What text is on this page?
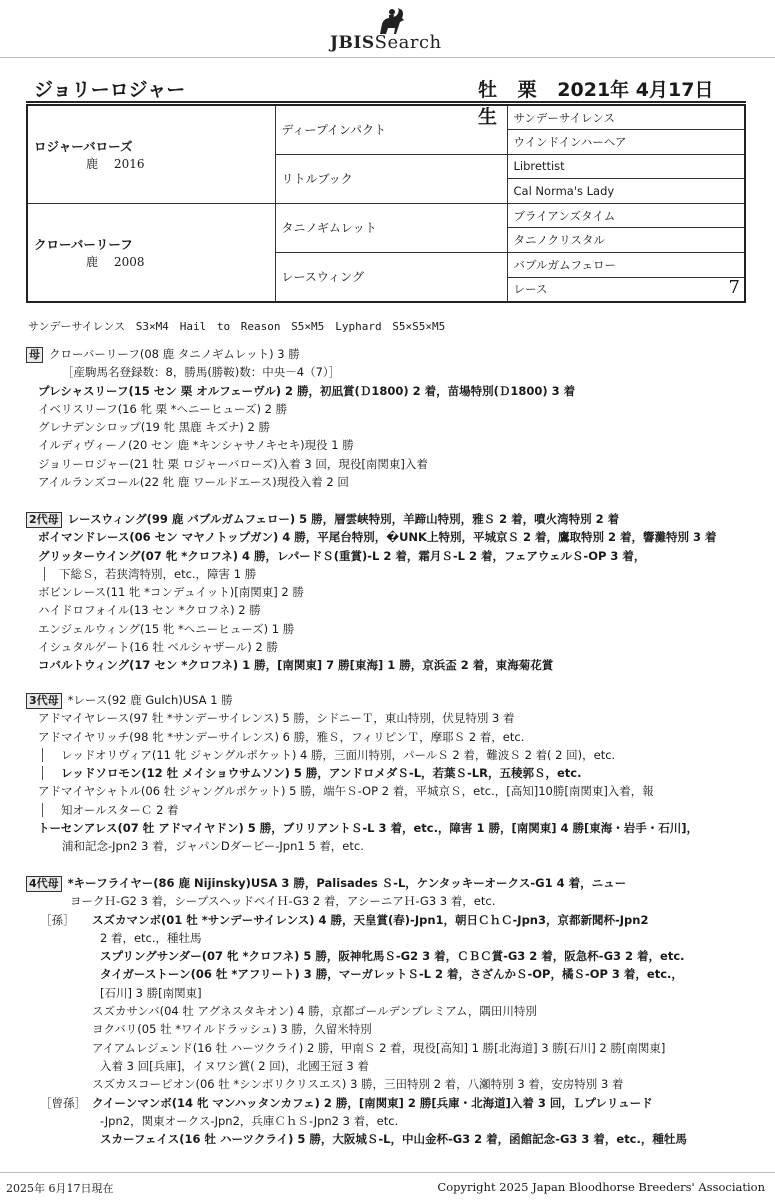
JBISSearch
ジョリーロジャー	牡 栗 2021年 4月17日生
ロジャーバローズ
鹿 2016	ディープインパクト	サンデーサイレンス
		ウインドインハーヘア
	リトルブック	Librettist
		Cal Norma's Lady

クローバーリーフ
鹿 2008	タニノギムレット	ブライアンズタイム
		タニノクリスタル
	レースウィング	バブルガムフェロー

		レース 7
サンデーサイレンス S3×M4　Hail to Reason S5×M5　Lyphard S5×S5×M5
母 クローバーリーフ(08 鹿 タニノギムレット) 3 勝
［産駒馬名登録数：8，勝馬(勝鞍)数：中央－4（7）］
プレシャスリーフ(15 セン 栗 オルフェーヴル) 2 勝，初凪賞(Ｄ1800) 2 着，苗場特別(Ｄ1800) 3 着
イベリスリーフ(16 牝 栗 *ヘニーヒューズ) 2 勝
グレナデンシロップ(19 牝 黒鹿 キズナ) 2 勝
イルディヴィーノ(20 セン 鹿 *キンシャサノキセキ)現役 1 勝
ジョリーロジャー(21 牡 栗 ロジャーバローズ)入着 3 回，現役[南関東]入着
アイルランズコール(22 牝 鹿 ワールドエース)現役入着 2 回
2代母 レースウィング(99 鹿 バブルガムフェロー) 5 勝，層雲峡特別，羊蹄山特別，雅Ｓ 2 着，噴火湾特別 2 着
ボイマンドレース(06 セン マヤノトップガン) 4 勝，平尾台特別，�UNK上特別，平城京Ｓ 2 着，鷹取特別 2 着，響灘特別 3 着
グリッターウイング(07 牝 *クロフネ) 4 勝，レパードＳ(重賞)-L 2 着，霜月Ｓ-L 2 着，フェアウェルＳ-OP 3 着，
下総Ｓ，若狭湾特別，etc.，障害 1 勝
ボビンレース(11 牝 *コンデュイット)[南関東] 2 勝
ハイドロフォイル(13 セン *クロフネ) 2 勝
エンジェルウィング(15 牝 *ヘニーヒューズ) 1 勝
イシュタルゲート(16 牡 ベルシャザール) 2 勝
コバルトウィング(17 セン *クロフネ) 1 勝，[南関東] 7 勝[東海] 1 勝，京浜盃 2 着，東海菊花賞
3代母 *レース(92 鹿 Gulch)USA 1 勝
アドマイヤレース(97 牡 *サンデーサイレンス) 5 勝，シドニーＴ，東山特別，伏見特別 3 着
アドマイヤリッチ(98 牝 *サンデーサイレンス) 6 勝，雅Ｓ，フィリピンＴ，摩耶Ｓ 2 着，etc.
レッドオリヴィア(11 牝 ジャングルポケット) 4 勝，三面川特別，パールＳ 2 着，難波Ｓ 2 着( 2 回)，etc.
レッドソロモン(12 牡 メイショウサムソン) 5 勝，アンドロメダＳ-L，若葉Ｓ-LR，五稜郭Ｓ，etc.
アドマイヤシャトル(06 牡 ジャングルポケット) 5 勝，端午Ｓ-OP 2 着，平城京Ｓ，etc.，[高知]10勝[南関東]入着，報
知オールスターＣ 2 着
トーセンアレス(07 牡 アドマイヤドン) 5 勝，ブリリアントＳ-L 3 着，etc.，障害 1 勝，[南関東] 4 勝[東海・岩手・石川]，
浦和記念-Jpn2 3 着，ジャパンDダービー-Jpn1 5 着，etc.
4代母 *キーフライヤー(86 鹿 Nijinsky)USA 3 勝，Palisades Ｓ-L，ケンタッキーオークス-G1 4 着，ニュー
ヨークＨ-G2 3 着，シープスヘッドベイＨ-G3 2 着，アシーニアＨ-G3 3 着，etc.
［孫］ スズカマンボ(01 牡 *サンデーサイレンス) 4 勝，天皇賞(春)-Jpn1，朝日ＣｈＣ-Jpn3，京都新聞杯-Jpn2
2 着，etc.，種牡馬
スプリングサンダー(07 牝 *クロフネ) 5 勝，阪神牝馬Ｓ-G2 3 着，ＣＢＣ賞-G3 2 着，阪急杯-G3 2 着，etc.
タイガーストーン(06 牡 *アフリート) 3 勝，マーガレットＳ-L 2 着，さざんかＳ-OP，橘Ｓ-OP 3 着，etc.，
[石川] 3 勝[南関東]
スズカサンバ(04 牡 アグネスタキオン) 4 勝，京都ゴールデンプレミアム，隅田川特別
ヨクバリ(05 牡 *ワイルドラッシュ) 3 勝，久留米特別
アイアムレジェンド(16 牡 ハーツクライ) 2 勝，甲南Ｓ 2 着，現役[高知] 1 勝[北海道] 3 勝[石川] 2 勝[南関東]
入着 3 回[兵庫]，イヌワシ賞( 2 回)，北國王冠 3 着
スズカスコーピオン(06 牡 *シンボリクリスエス) 3 勝，三田特別 2 着，八瀬特別 3 着，安房特別 3 着
［曾孫］ クイーンマンボ(14 牝 マンハッタンカフェ) 2 勝，[南関東] 2 勝[兵庫・北海道]入着 3 回，Ｌプレリュード
-Jpn2，関東オークス-Jpn2，兵庫ＣｈＳ-Jpn2 3 着，etc.
スカーフェイス(16 牡 ハーツクライ) 5 勝，大阪城Ｓ-L，中山金杯-G3 2 着，函館記念-G3 3 着，etc.，種牡馬
2025年 6月17日現在	Copyright 2025 Japan Bloodhorse Breeders' Association
